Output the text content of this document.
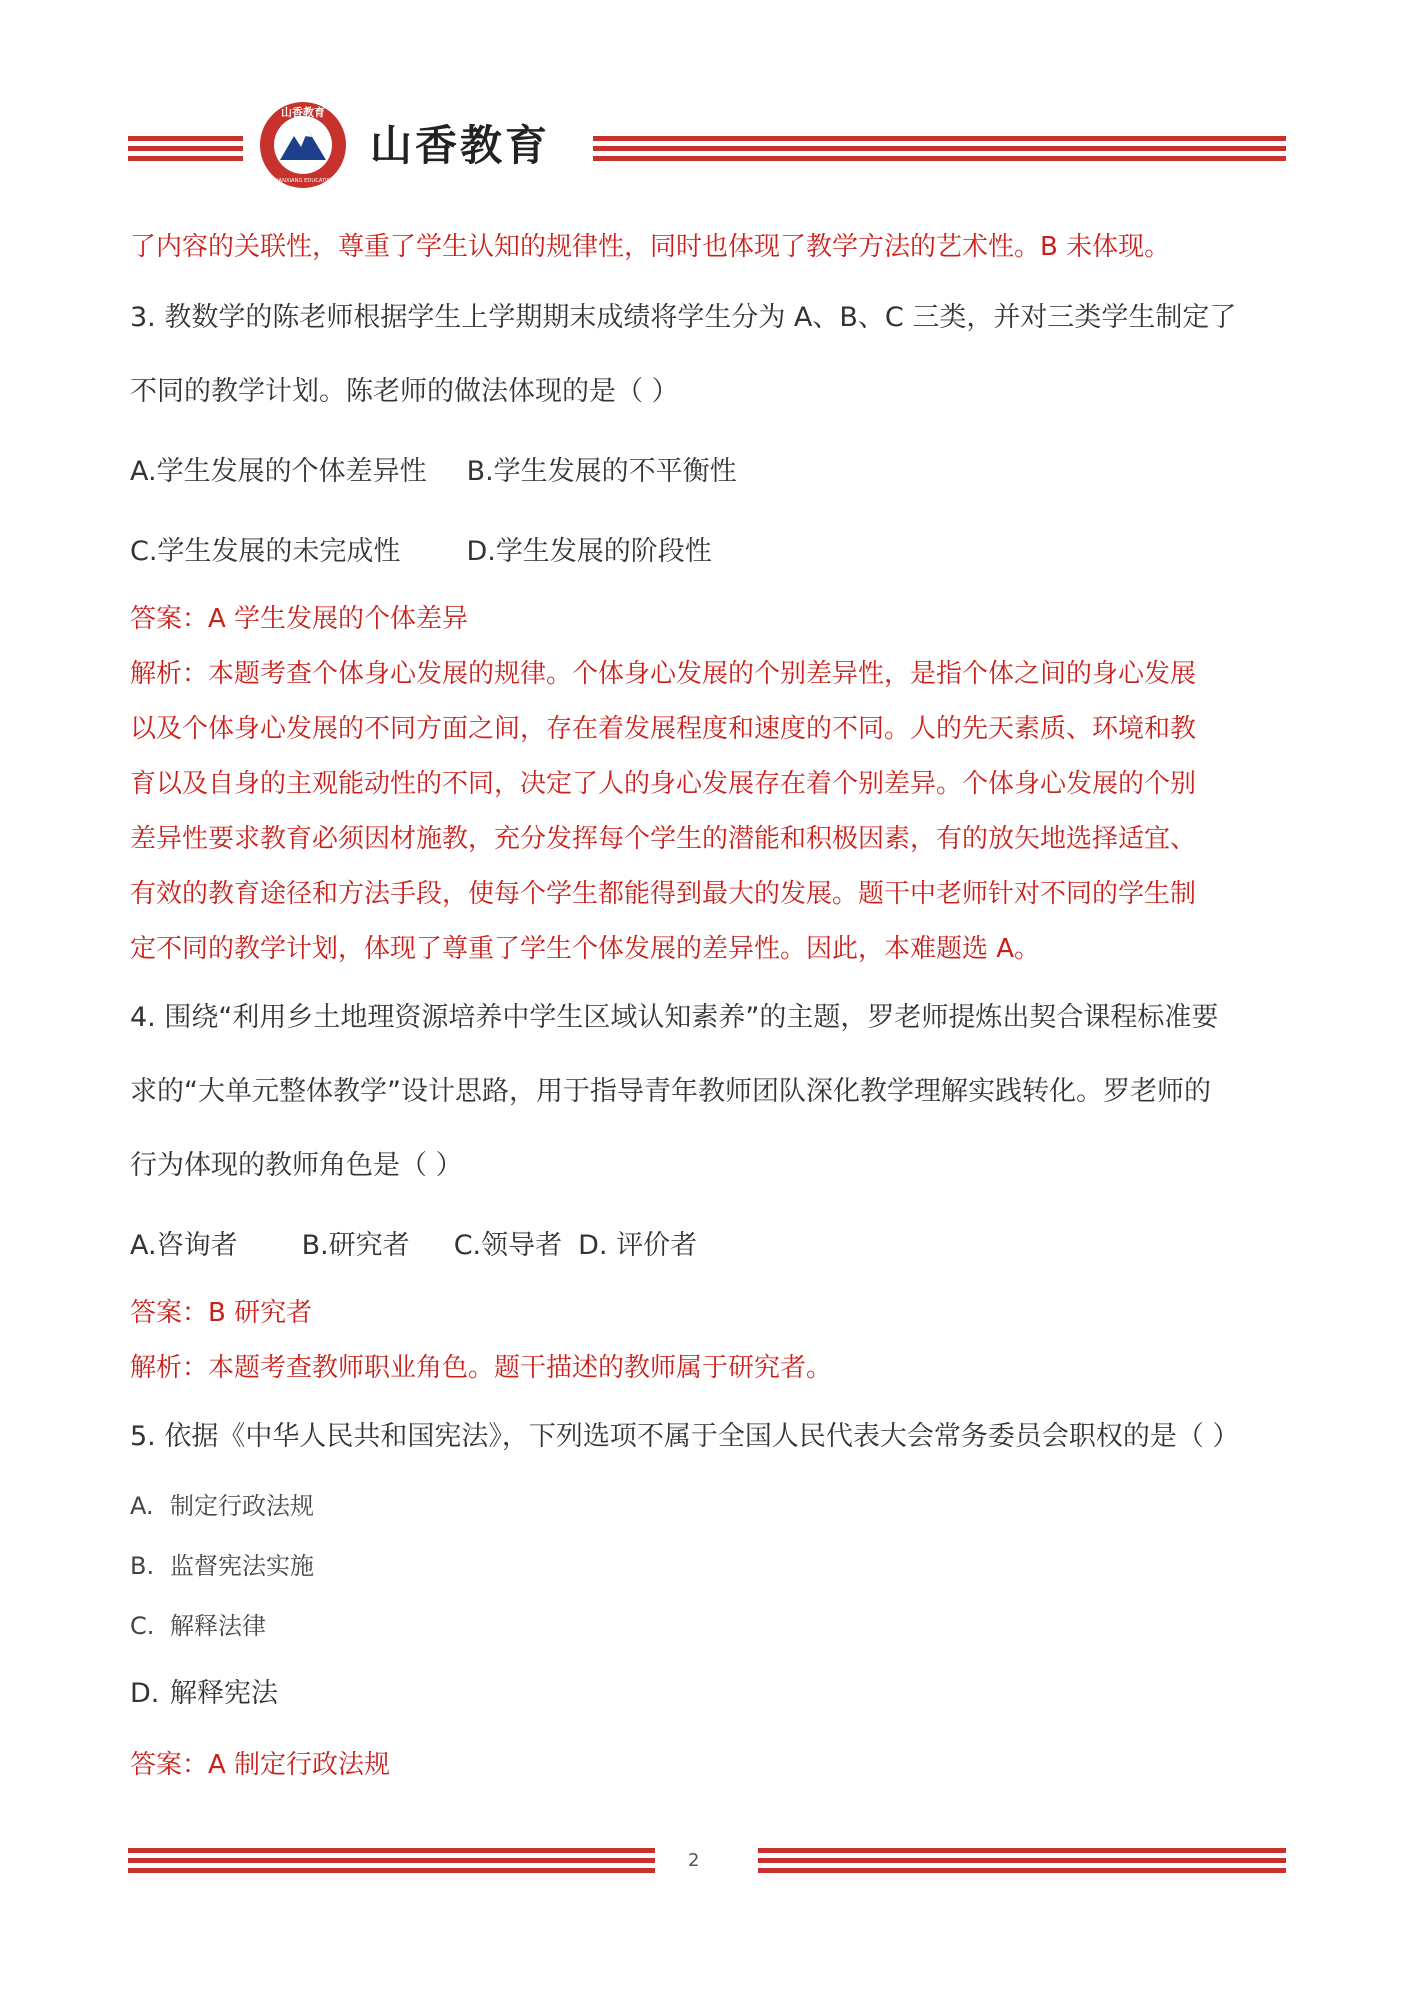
山香教育
SHANXIANG EDUCATION
山香教育
了内容的关联性，尊重了学生认知的规律性，同时也体现了教学方法的艺术性。B 未体现。
3. 教数学的陈老师根据学生上学期期末成绩将学生分为 A、B、C 三类，并对三类学生制定了
不同的教学计划。陈老师的做法体现的是（ ）
A.学生发展的个体差异性 B.学生发展的不平衡性
C.学生发展的未完成性 D.学生发展的阶段性
答案：A 学生发展的个体差异
解析：本题考查个体身心发展的规律。个体身心发展的个别差异性，是指个体之间的身心发展
以及个体身心发展的不同方面之间，存在着发展程度和速度的不同。人的先天素质、环境和教
育以及自身的主观能动性的不同，决定了人的身心发展存在着个别差异。个体身心发展的个别
差异性要求教育必须因材施教，充分发挥每个学生的潜能和积极因素，有的放矢地选择适宜、
有效的教育途径和方法手段，使每个学生都能得到最大的发展。题干中老师针对不同的学生制
定不同的教学计划，体现了尊重了学生个体发展的差异性。因此，本难题选 A。
4. 围绕“利用乡土地理资源培养中学生区域认知素养”的主题，罗老师提炼出契合课程标准要
求的“大单元整体教学”设计思路，用于指导青年教师团队深化教学理解实践转化。罗老师的
行为体现的教师角色是（ ）
A.咨询者 B.研究者 C.领导者 D. 评价者
答案：B 研究者
解析：本题考查教师职业角色。题干描述的教师属于研究者。
5. 依据《中华人民共和国宪法》，下列选项不属于全国人民代表大会常务委员会职权的是（ ）
A. 制定行政法规
B. 监督宪法实施
C. 解释法律
D. 解释宪法
答案：A 制定行政法规
2
